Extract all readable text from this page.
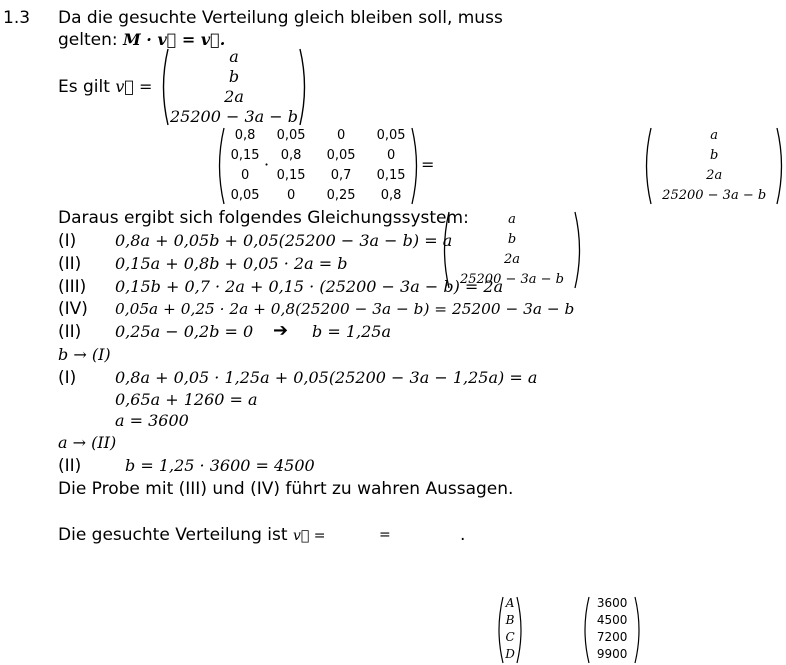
1.3 Da die gesuchte Verteilung gleich bleiben soll, muss
gelten: M · v⃗ = v⃗.
Es gilt v⃗ =
a
b
2a
25200 − 3a − b

0,8	0,05	0	0,05
0,15	0,8	0,05	0
0	0,15	0,7	0,15
0,05	0	0,25	0,8

·
a
b
2a
25200 − 3a − b

=
a
b
2a
25200 − 3a − b

Daraus ergibt sich folgendes Gleichungssystem:
(I) 0,8a + 0,05b + 0,05(25200 − 3a − b) = a
(II) 0,15a + 0,8b + 0,05 · 2a = b
(III) 0,15b + 0,7 · 2a + 0,15 · (25200 − 3a − b) = 2a
(IV) 0,05a + 0,25 · 2a + 0,8(25200 − 3a − b) = 25200 − 3a − b
(II) 0,25a − 0,2b = 0 ➔ b = 1,25a
b → (I)
(I) 0,8a + 0,05 · 1,25a + 0,05(25200 − 3a − 1,25a) = a
0,65a + 1260 = a
a = 3600
a → (II)
(II)	b = 1,25 · 3600 = 4500
Die Probe mit (III) und (IV) führt zu wahren Aussagen.
Die gesuchte Verteilung ist v⃗ =
A
B
C
D

=
3600
4500
7200
9900
.
